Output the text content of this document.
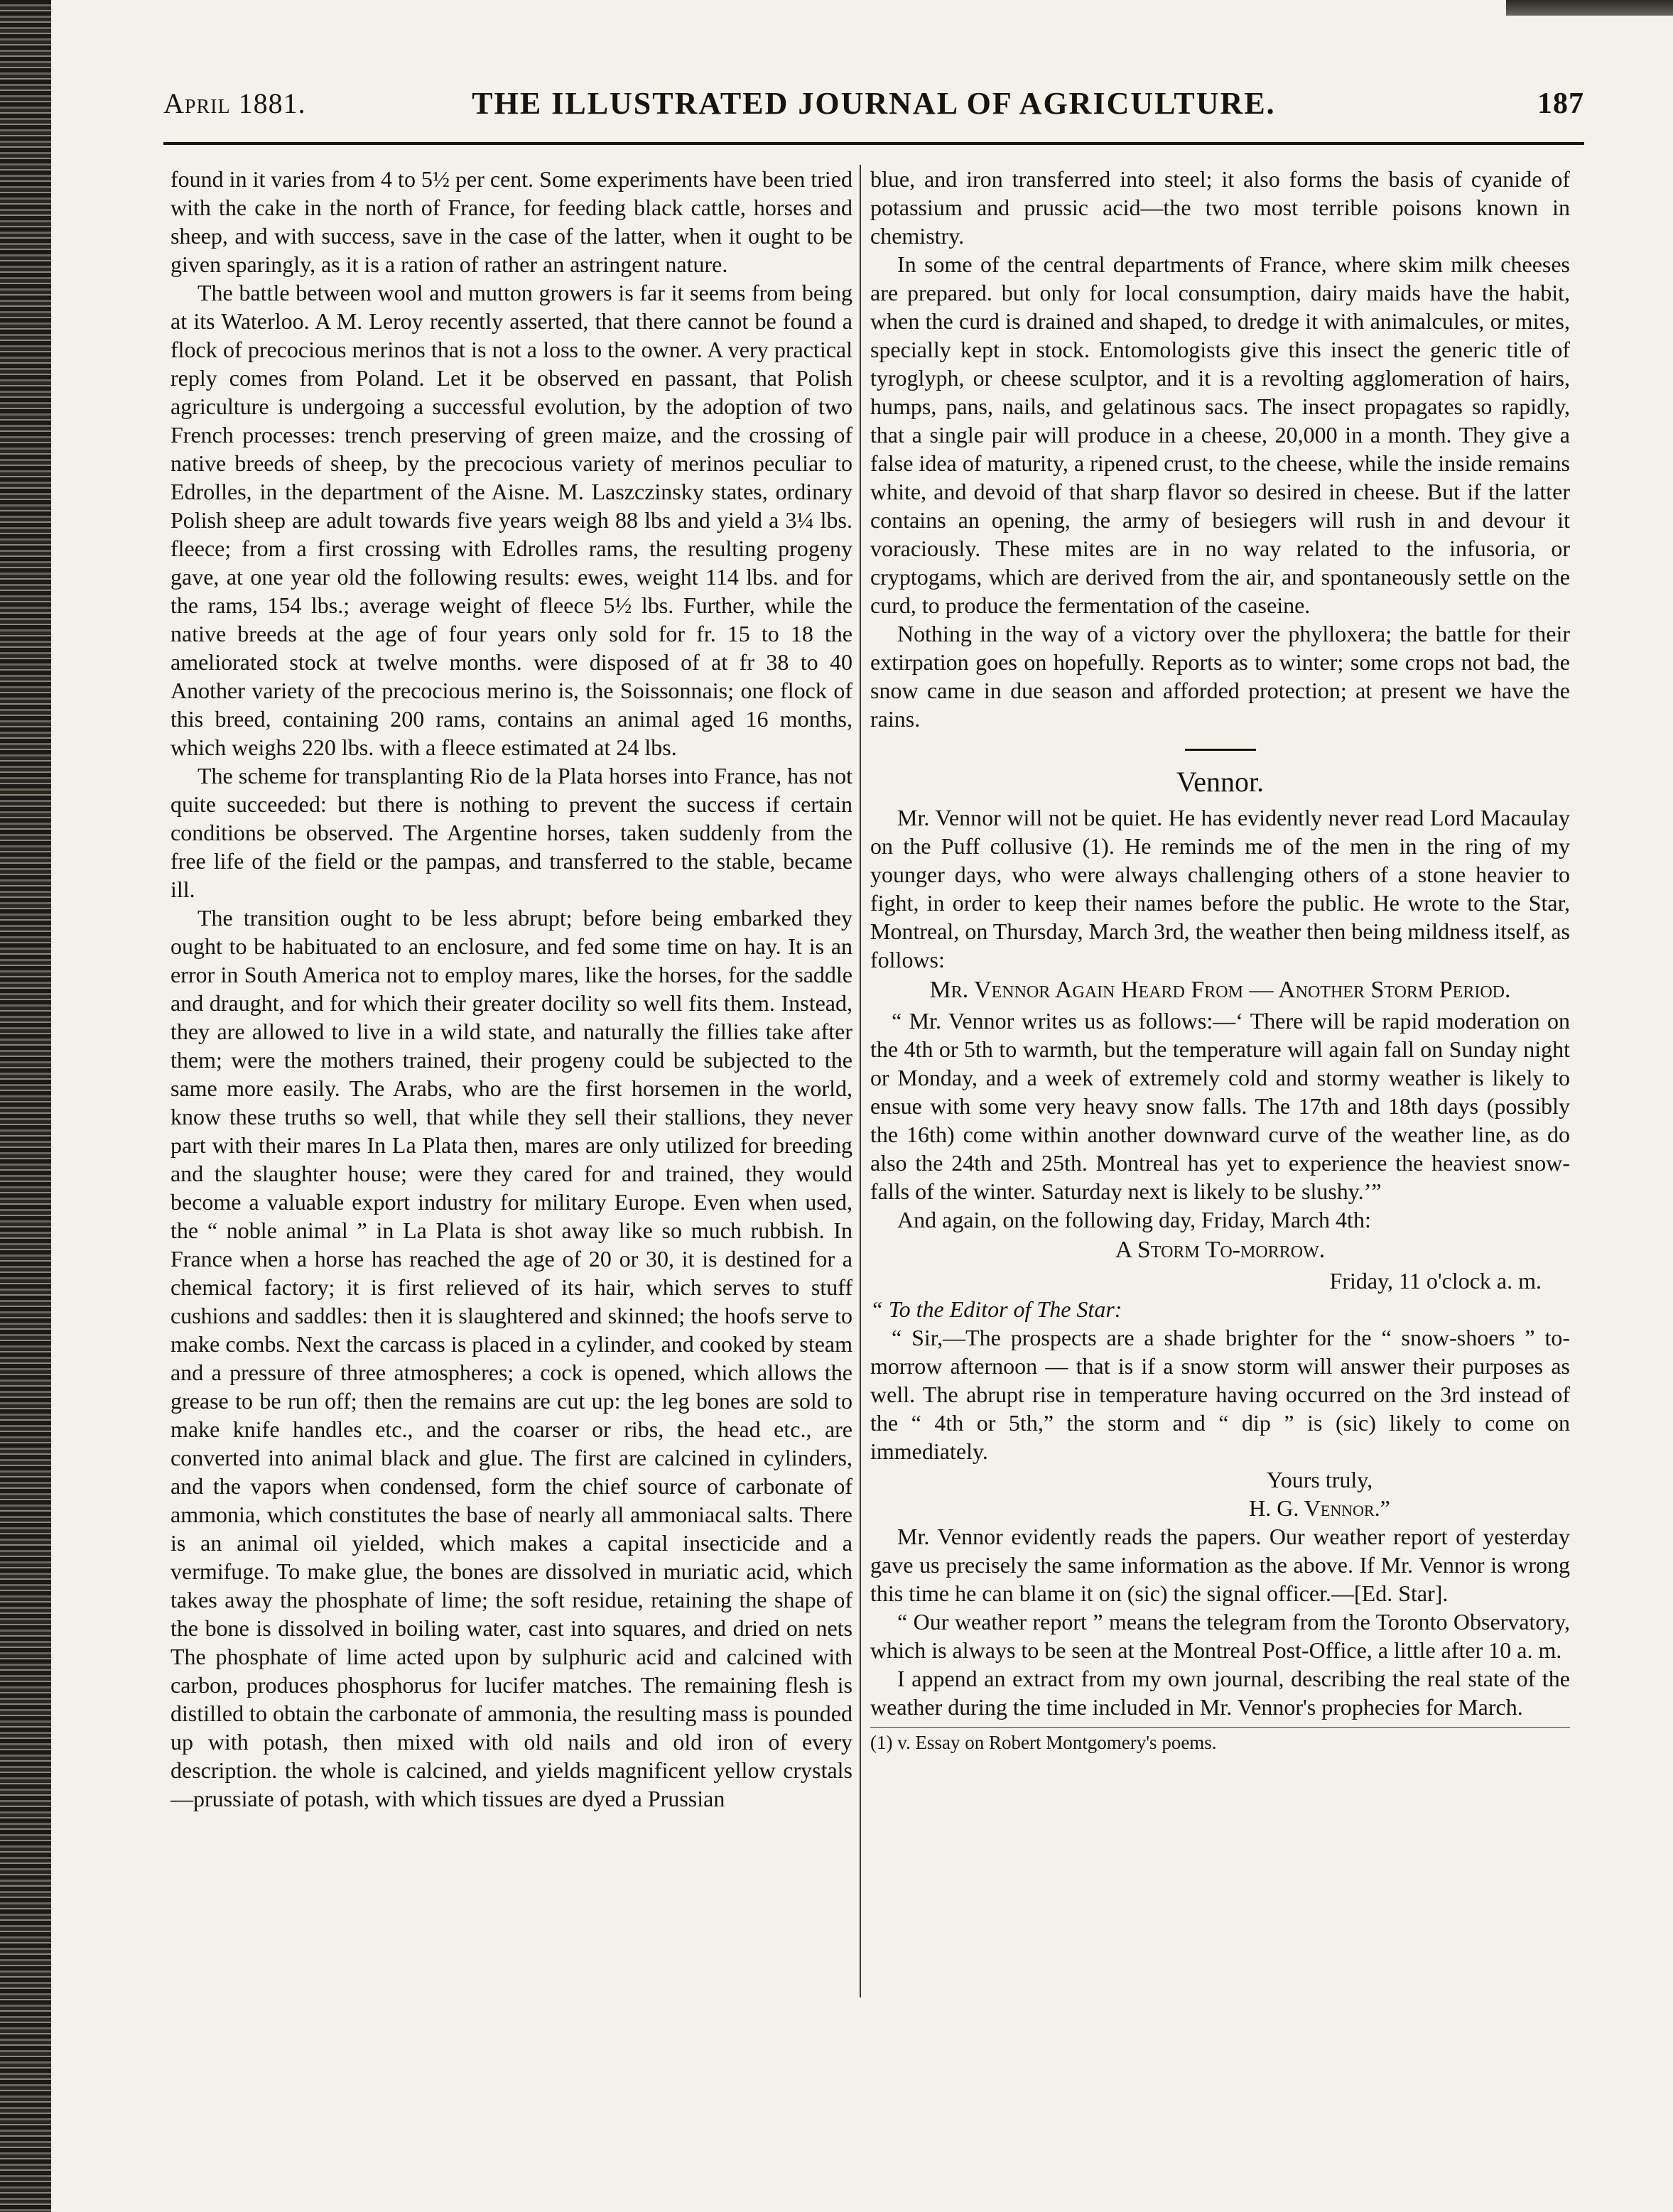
April 1881.	THE ILLUSTRATED JOURNAL OF AGRICULTURE.	187

found in it varies from 4 to 5½ per cent. Some experiments have been tried with the cake in the north of France, for feeding black cattle, horses and sheep, and with success, save in the case of the latter, when it ought to be given sparingly, as it is a ration of rather an astringent nature.

The battle between wool and mutton growers is far it seems from being at its Waterloo. A M. Leroy recently asserted, that there cannot be found a flock of precocious merinos that is not a loss to the owner. A very practical reply comes from Poland. Let it be observed en passant, that Polish agriculture is undergoing a successful evolution, by the adoption of two French processes: trench preserving of green maize, and the crossing of native breeds of sheep, by the precocious variety of merinos peculiar to Edrolles, in the department of the Aisne. M. Laszczinsky states, ordinary Polish sheep are adult towards five years weigh 88 lbs and yield a 3¼ lbs. fleece; from a first crossing with Edrolles rams, the resulting progeny gave, at one year old the following results: ewes, weight 114 lbs. and for the rams, 154 lbs.; average weight of fleece 5½ lbs. Further, while the native breeds at the age of four years only sold for fr. 15 to 18 the ameliorated stock at twelve months. were disposed of at fr 38 to 40 Another variety of the precocious merino is, the Soissonnais; one flock of this breed, containing 200 rams, contains an animal aged 16 months, which weighs 220 lbs. with a fleece estimated at 24 lbs.

The scheme for transplanting Rio de la Plata horses into France, has not quite succeeded: but there is nothing to prevent the success if certain conditions be observed. The Argentine horses, taken suddenly from the free life of the field or the pampas, and transferred to the stable, became ill.

The transition ought to be less abrupt; before being embarked they ought to be habituated to an enclosure, and fed some time on hay. It is an error in South America not to employ mares, like the horses, for the saddle and draught, and for which their greater docility so well fits them. Instead, they are allowed to live in a wild state, and naturally the fillies take after them; were the mothers trained, their progeny could be subjected to the same more easily. The Arabs, who are the first horsemen in the world, know these truths so well, that while they sell their stallions, they never part with their mares In La Plata then, mares are only utilized for breeding and the slaughter house; were they cared for and trained, they would become a valuable export industry for military Europe. Even when used, the “ noble animal ” in La Plata is shot away like so much rubbish. In France when a horse has reached the age of 20 or 30, it is destined for a chemical factory; it is first relieved of its hair, which serves to stuff cushions and saddles: then it is slaughtered and skinned; the hoofs serve to make combs. Next the carcass is placed in a cylinder, and cooked by steam and a pressure of three atmospheres; a cock is opened, which allows the grease to be run off; then the remains are cut up: the leg bones are sold to make knife handles etc., and the coarser or ribs, the head etc., are converted into animal black and glue. The first are calcined in cylinders, and the vapors when condensed, form the chief source of carbonate of ammonia, which constitutes the base of nearly all ammoniacal salts. There is an animal oil yielded, which makes a capital insecticide and a vermifuge. To make glue, the bones are dissolved in muriatic acid, which takes away the phosphate of lime; the soft residue, retaining the shape of the bone is dissolved in boiling water, cast into squares, and dried on nets The phosphate of lime acted upon by sulphuric acid and calcined with carbon, produces phosphorus for lucifer matches. The remaining flesh is distilled to obtain the carbonate of ammonia, the resulting mass is pounded up with potash, then mixed with old nails and old iron of every description. the whole is calcined, and yields magnificent yellow crystals—prussiate of potash, with which tissues are dyed a Prussian

blue, and iron transferred into steel; it also forms the basis of cyanide of potassium and prussic acid—the two most terrible poisons known in chemistry.

In some of the central departments of France, where skim milk cheeses are prepared. but only for local consumption, dairy maids have the habit, when the curd is drained and shaped, to dredge it with animalcules, or mites, specially kept in stock. Entomologists give this insect the generic title of tyroglyph, or cheese sculptor, and it is a revolting agglomeration of hairs, humps, pans, nails, and gelatinous sacs. The insect propagates so rapidly, that a single pair will produce in a cheese, 20,000 in a month. They give a false idea of maturity, a ripened crust, to the cheese, while the inside remains white, and devoid of that sharp flavor so desired in cheese. But if the latter contains an opening, the army of besiegers will rush in and devour it voraciously. These mites are in no way related to the infusoria, or cryptogams, which are derived from the air, and spontaneously settle on the curd, to produce the fermentation of the caseine.

Nothing in the way of a victory over the phylloxera; the battle for their extirpation goes on hopefully. Reports as to winter; some crops not bad, the snow came in due season and afforded protection; at present we have the rains.

Vennor.

Mr. Vennor will not be quiet. He has evidently never read Lord Macaulay on the Puff collusive (1). He reminds me of the men in the ring of my younger days, who were always challenging others of a stone heavier to fight, in order to keep their names before the public. He wrote to the Star, Montreal, on Thursday, March 3rd, the weather then being mildness itself, as follows:

Mr. Vennor Again Heard From — Another Storm Period.

“ Mr. Vennor writes us as follows:—‘ There will be rapid moderation on the 4th or 5th to warmth, but the temperature will again fall on Sunday night or Monday, and a week of extremely cold and stormy weather is likely to ensue with some very heavy snow falls. The 17th and 18th days (possibly the 16th) come within another downward curve of the weather line, as do also the 24th and 25th. Montreal has yet to experience the heaviest snow-falls of the winter. Saturday next is likely to be slushy.’”

And again, on the following day, Friday, March 4th:

A Storm To-morrow.
Friday, 11 o'clock a. m.
“ To the Editor of The Star:

“ Sir,—The prospects are a shade brighter for the “ snow-shoers ” to-morrow afternoon — that is if a snow storm will answer their purposes as well. The abrupt rise in temperature having occurred on the 3rd instead of the “ 4th or 5th,” the storm and “ dip ” is (sic) likely to come on immediately.

Yours truly,
H. G. Vennor.”

Mr. Vennor evidently reads the papers. Our weather report of yesterday gave us precisely the same information as the above. If Mr. Vennor is wrong this time he can blame it on (sic) the signal officer.—[Ed. Star].

“ Our weather report ” means the telegram from the Toronto Observatory, which is always to be seen at the Montreal Post-Office, a little after 10 a. m.

I append an extract from my own journal, describing the real state of the weather during the time included in Mr. Vennor's prophecies for March.

(1) v. Essay on Robert Montgomery's poems.
